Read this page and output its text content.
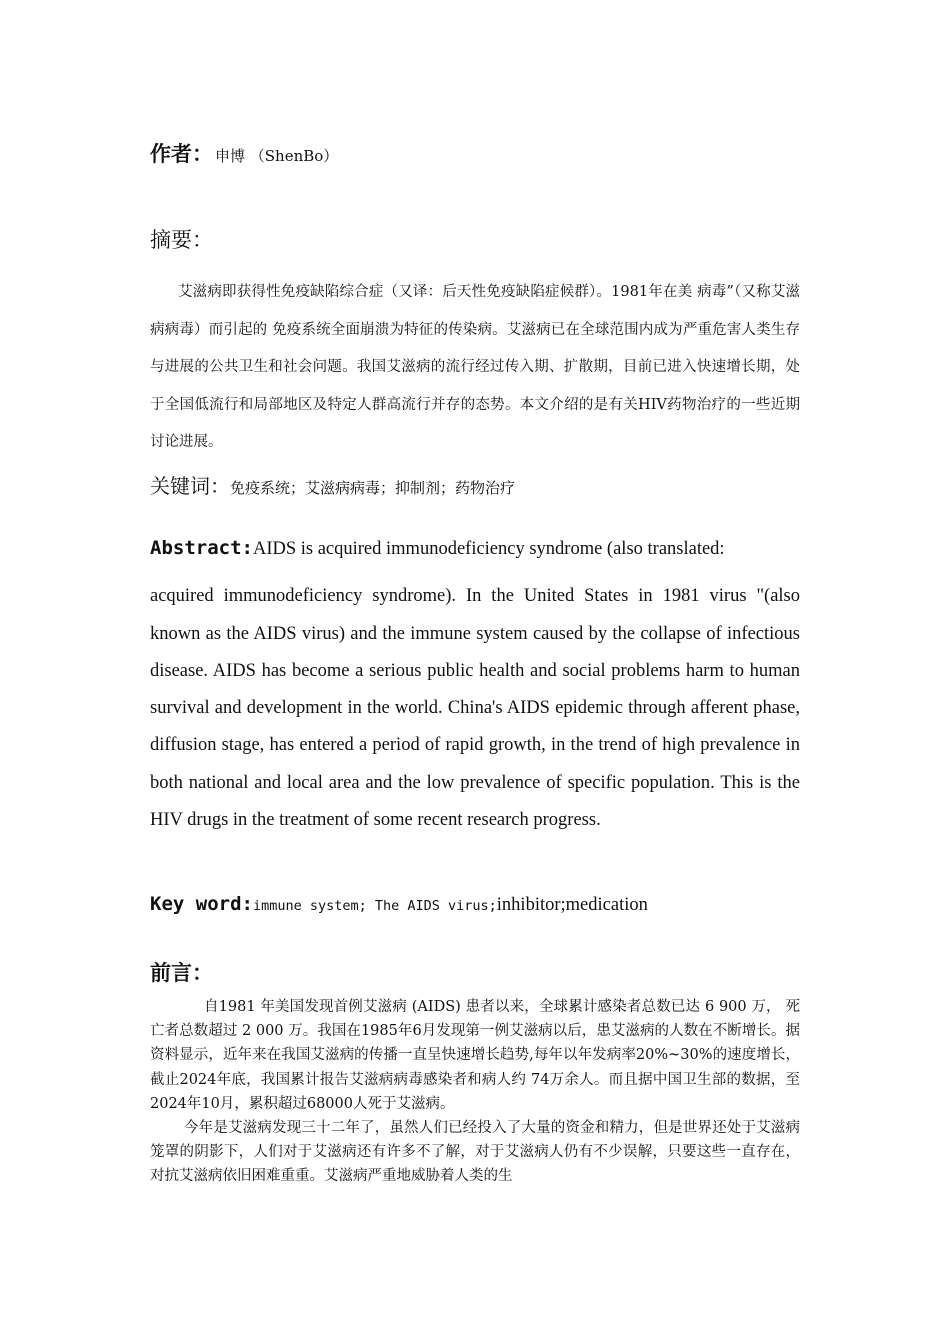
作者： 申博 （ShenBo）
摘要：
艾滋病即获得性免疫缺陷综合症（又译：后天性免疫缺陷症候群）。1981年在美 病毒”（又称艾滋病病毒）而引起的 免疫系统全面崩溃为特征的传染病。艾滋病已在全球范围内成为严重危害人类生存与进展的公共卫生和社会问题。我国艾滋病的流行经过传入期、扩散期，目前已进入快速增长期，处于全国低流行和局部地区及特定人群高流行并存的态势。本文介绍的是有关HIV药物治疗的一些近期讨论进展。
关键词：免疫系统；艾滋病病毒；抑制剂；药物治疗
Abstract:AIDS is acquired immunodeficiency syndrome (also translated:
acquired immunodeficiency syndrome). In the United States in 1981 virus "(also known as the AIDS virus) and the immune system caused by the collapse of infectious disease. AIDS has become a serious public health and social problems harm to human survival and development in the world. China's AIDS epidemic through afferent phase, diffusion stage, has entered a period of rapid growth, in the trend of high prevalence in both national and local area and the low prevalence of specific population. This is the HIV drugs in the treatment of some recent research progress.
Key word:immune system; The AIDS virus;inhibitor;medication
前言：

自1981 年美国发现首例艾滋病 (AIDS) 患者以来，全球累计感染者总数已达 6 900 万， 死亡者总数超过 2 000 万。我国在1985年6月发现第一例艾滋病以后，患艾滋病的人数在不断增长。据资料显示，近年来在我国艾滋病的传播一直呈快速增长趋势,每年以年发病率20%~30%的速度增长，截止2024年底，我国累计报告艾滋病病毒感染者和病人约 74万余人。而且据中国卫生部的数据，至2024年10月，累积超过68000人死于艾滋病。

今年是艾滋病发现三十二年了，虽然人们已经投入了大量的资金和精力，但是世界还处于艾滋病笼罩的阴影下，人们对于艾滋病还有许多不了解，对于艾滋病人仍有不少误解，只要这些一直存在，对抗艾滋病依旧困难重重。艾滋病严重地威胁着人类的生
